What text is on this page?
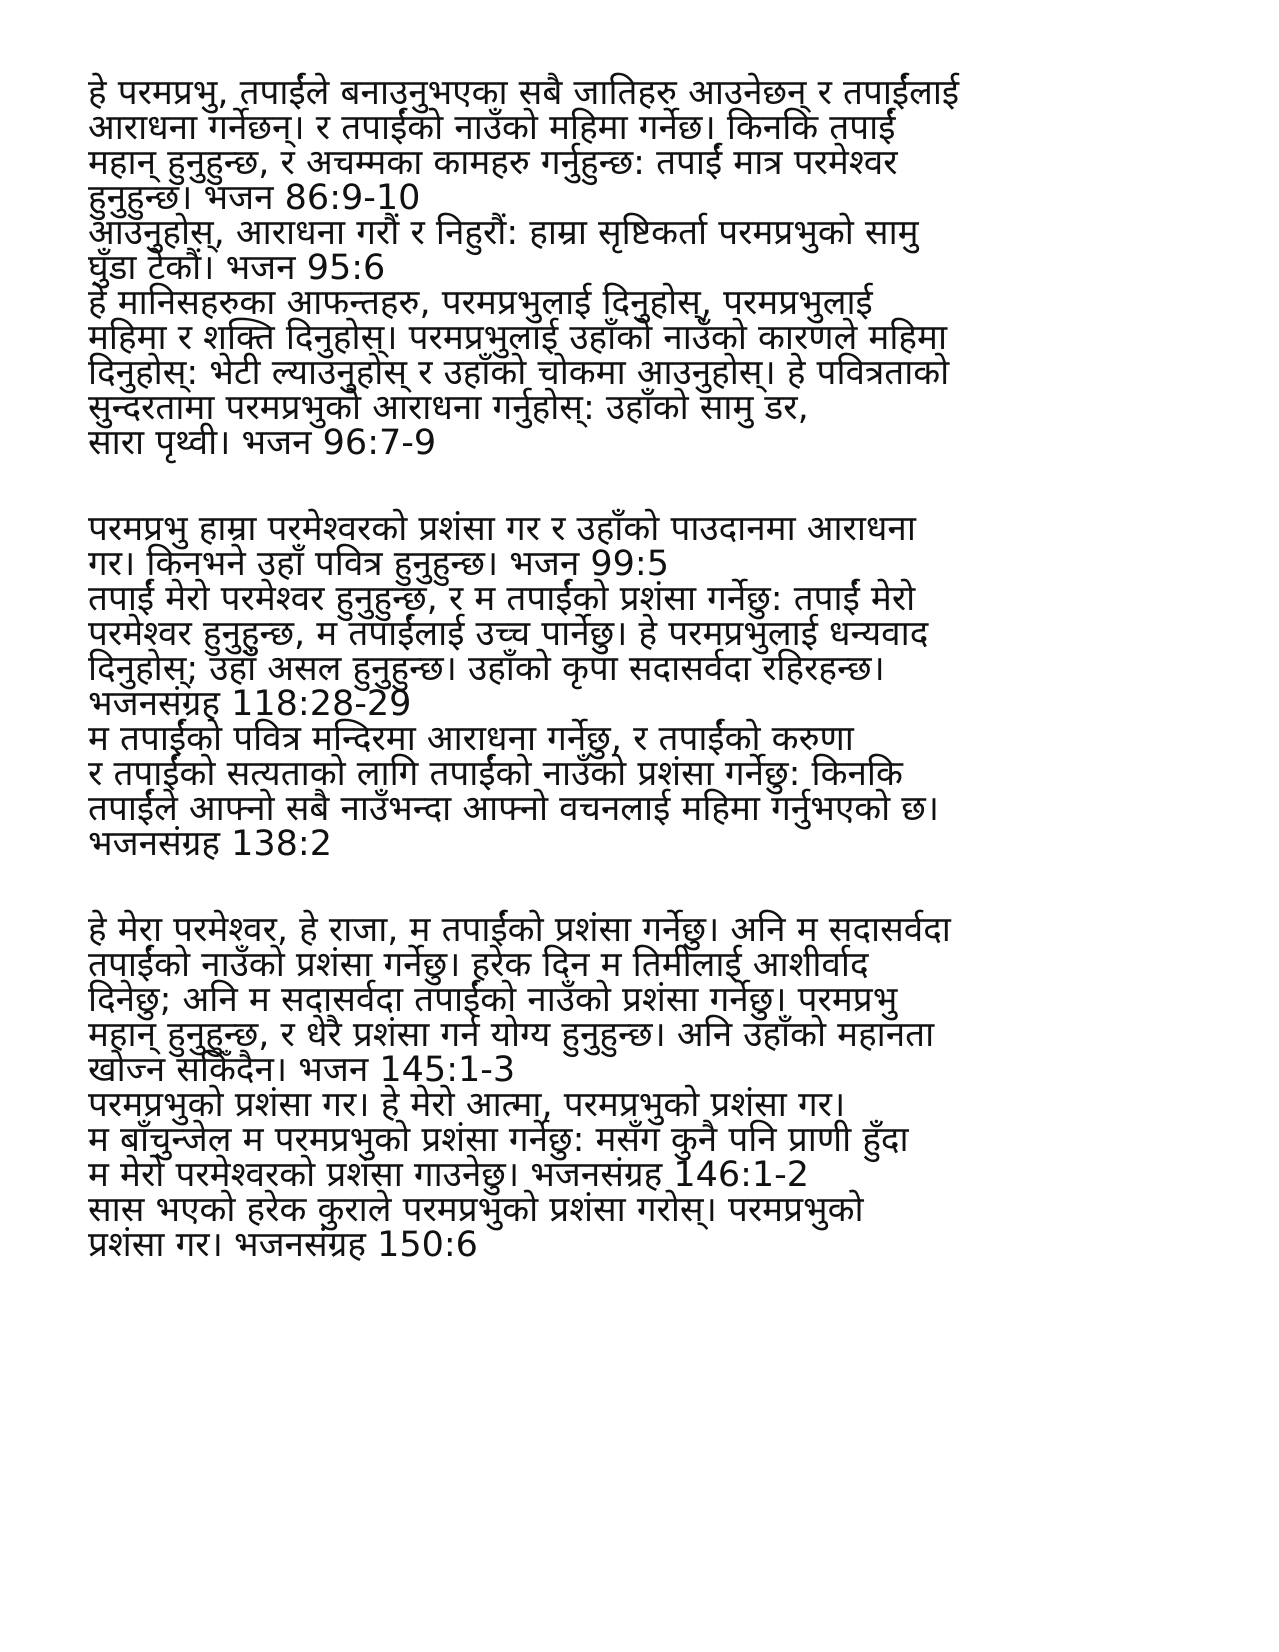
हे परमप्रभु, तपाईंले बनाउनुभएका सबै जातिहरु आउनेछन् र तपाईंलाई
आराधना गर्नेछन्। र तपाईंको नाउँको महिमा गर्नेछ। किनकि तपाईं
महान् हुनुहुन्छ, र अचम्मका कामहरु गर्नुहुन्छ: तपाईं मात्र परमेश्वर
हुनुहुन्छ। भजन 86:9-10
आउनुहोस्, आराधना गरौं र निहुरौं: हाम्रा सृष्टिकर्ता परमप्रभुको सामु
घुँडा टेकौं। भजन 95:6
हे मानिसहरुका आफन्तहरु, परमप्रभुलाई दिनुहोस्, परमप्रभुलाई
महिमा र शक्ति दिनुहोस्। परमप्रभुलाई उहाँको नाउँको कारणले महिमा
दिनुहोस्: भेटी ल्याउनुहोस् र उहाँको चोकमा आउनुहोस्। हे पवित्रताको
सुन्दरतामा परमप्रभुको आराधना गर्नुहोस्: उहाँको सामु डर,
सारा पृथ्वी। भजन 96:7-9
परमप्रभु हाम्रा परमेश्वरको प्रशंसा गर र उहाँको पाउदानमा आराधना
गर। किनभने उहाँ पवित्र हुनुहुन्छ। भजन 99:5
तपाईं मेरो परमेश्वर हुनुहुन्छ, र म तपाईंको प्रशंसा गर्नेछु: तपाईं मेरो
परमेश्वर हुनुहुन्छ, म तपाईंलाई उच्च पार्नेछु। हे परमप्रभुलाई धन्यवाद
दिनुहोस्; उहाँ असल हुनुहुन्छ। उहाँको कृपा सदासर्वदा रहिरहन्छ।
भजनसंग्रह 118:28-29
म तपाईंको पवित्र मन्दिरमा आराधना गर्नेछु, र तपाईंको करुणा
र तपाईंको सत्यताको लागि तपाईंको नाउँको प्रशंसा गर्नेछु: किनकि
तपाईंले आफ्नो सबै नाउँभन्दा आफ्नो वचनलाई महिमा गर्नुभएको छ।
भजनसंग्रह 138:2
हे मेरा परमेश्वर, हे राजा, म तपाईंको प्रशंसा गर्नेछु। अनि म सदासर्वदा
तपाईंको नाउँको प्रशंसा गर्नेछु। हरेक दिन म तिमीलाई आशीर्वाद
दिनेछु; अनि म सदासर्वदा तपाईंको नाउँको प्रशंसा गर्नेछु। परमप्रभु
महान् हुनुहुन्छ, र धेरै प्रशंसा गर्न योग्य हुनुहुन्छ। अनि उहाँको महानता
खोज्न सकिँदैन। भजन 145:1-3
परमप्रभुको प्रशंसा गर। हे मेरो आत्मा, परमप्रभुको प्रशंसा गर।
म बाँचुन्जेल म परमप्रभुको प्रशंसा गर्नेछु: मसँग कुनै पनि प्राणी हुँदा
म मेरो परमेश्वरको प्रशंसा गाउनेछु। भजनसंग्रह 146:1-2
सास भएको हरेक कुराले परमप्रभुको प्रशंसा गरोस्। परमप्रभुको
प्रशंसा गर। भजनसंग्रह 150:6
